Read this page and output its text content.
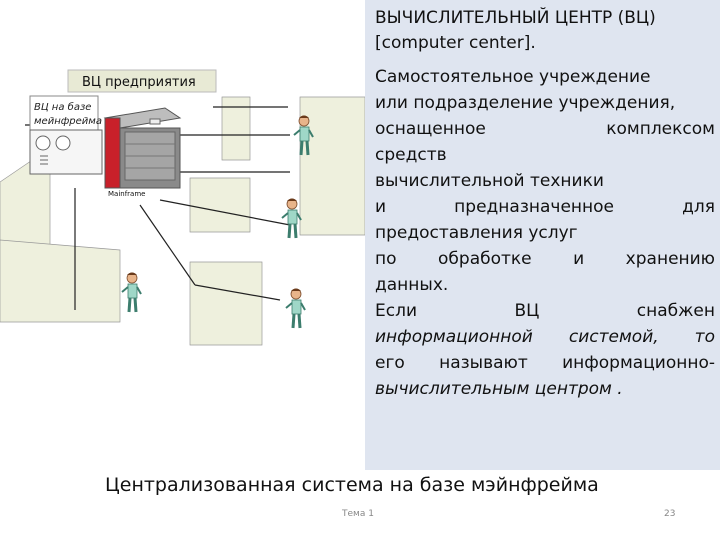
ВЦ предприятия
ВЦ на базе
мейнфрейма
Mainframe
ВЫЧИСЛИТЕЛЬНЫЙ ЦЕНТР (ВЦ)
[computer center].
Самостоятельное учреждение
или подразделение учреждения,
оснащенное комплексом
средств
вычислительной техники
и предназначенное для
предоставления услуг
по обработке и хранению
данных.
Если ВЦ снабжен
информационной системой, то
его называют информационно-
вычислительным центром .
Централизованная система на базе мэйнфрейма
Тема 1	23
